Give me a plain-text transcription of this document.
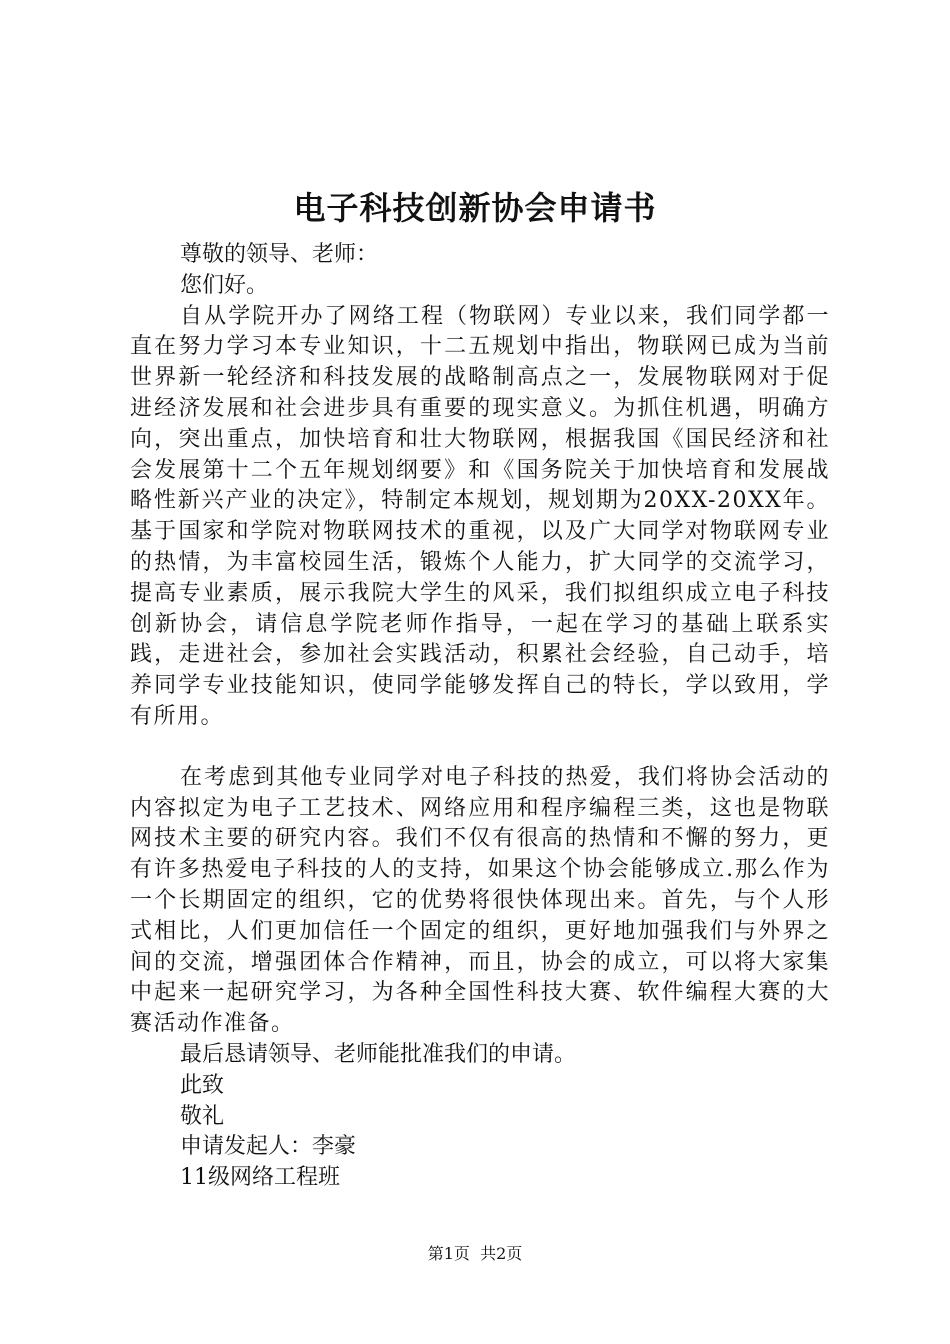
电子科技创新协会申请书

尊敬的领导、老师：

您们好。

自从学院开办了网络工程（物联网）专业以来，我们同学都一直在努力学习本专业知识，十二五规划中指出，物联网已成为当前世界新一轮经济和科技发展的战略制高点之一，发展物联网对于促进经济发展和社会进步具有重要的现实意义。为抓住机遇，明确方向，突出重点，加快培育和壮大物联网，根据我国《国民经济和社会发展第十二个五年规划纲要》和《国务院关于加快培育和发展战略性新兴产业的决定》，特制定本规划，规划期为20XX-20XX年。基于国家和学院对物联网技术的重视，以及广大同学对物联网专业的热情，为丰富校园生活，锻炼个人能力，扩大同学的交流学习，提高专业素质，展示我院大学生的风采，我们拟组织成立电子科技创新协会，请信息学院老师作指导，一起在学习的基础上联系实践，走进社会，参加社会实践活动，积累社会经验，自己动手，培养同学专业技能知识，使同学能够发挥自己的特长，学以致用，学有所用。

在考虑到其他专业同学对电子科技的热爱，我们将协会活动的内容拟定为电子工艺技术、网络应用和程序编程三类，这也是物联网技术主要的研究内容。我们不仅有很高的热情和不懈的努力，更有许多热爱电子科技的人的支持，如果这个协会能够成立.那么作为一个长期固定的组织，它的优势将很快体现出来。首先，与个人形式相比，人们更加信任一个固定的组织，更好地加强我们与外界之间的交流，增强团体合作精神，而且，协会的成立，可以将大家集中起来一起研究学习，为各种全国性科技大赛、软件编程大赛的大赛活动作准备。

最后恳请领导、老师能批准我们的申请。

此致

敬礼

申请发起人：李豪

11级网络工程班

第1页  共2页
